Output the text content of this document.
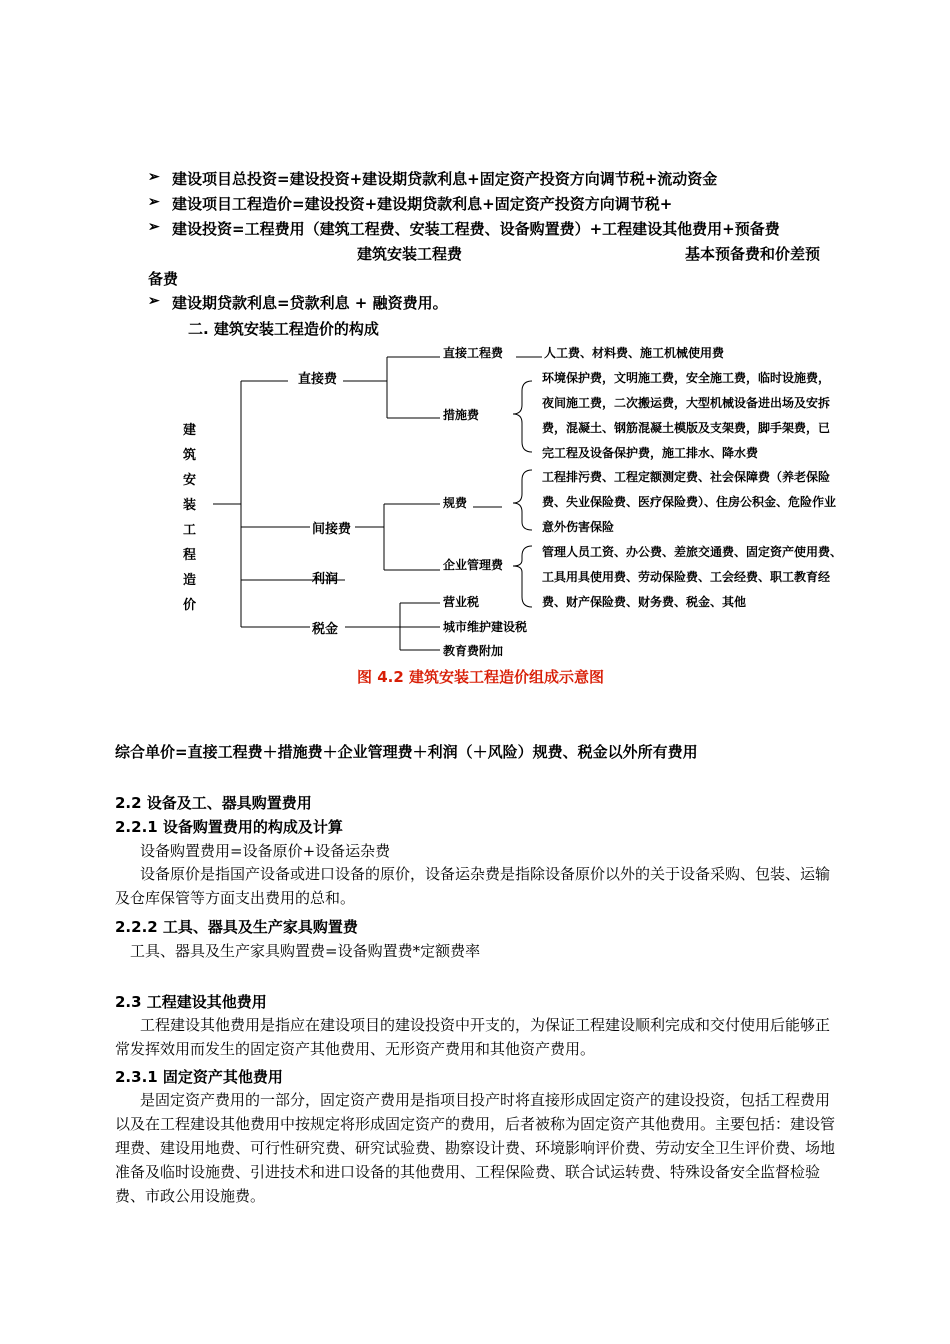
➢ 建设项目总投资=建设投资+建设期贷款利息+固定资产投资方向调节税+流动资金
➢ 建设项目工程造价=建设投资+建设期贷款利息+固定资产投资方向调节税+
➢ 建设投资=工程费用（建筑工程费、安装工程费、设备购置费）+工程建设其他费用+预备费
建筑安装工程费	基本预备费和价差预
备费
➢ 建设期贷款利息=贷款利息 + 融资费用。
二. 建筑安装工程造价的构成
建
筑
安
装
工
程
造
价
直接费
间接费
利润
税金
直接工程费	人工费、材料费、施工机械使用费
措施费
规费
企业管理费
营业税
城市维护建设税
教育费附加
环境保护费，文明施工费，安全施工费，临时设施费，
夜间施工费，二次搬运费，大型机械设备进出场及安拆
费，混凝土、钢筋混凝土模版及支架费，脚手架费，已
完工程及设备保护费，施工排水、降水费
工程排污费、工程定额测定费、社会保障费（养老保险
费、失业保险费、医疗保险费）、住房公积金、危险作业
意外伤害保险
管理人员工资、办公费、差旅交通费、固定资产使用费、
工具用具使用费、劳动保险费、工会经费、职工教育经
费、财产保险费、财务费、税金、其他
图 4.2 建筑安装工程造价组成示意图
综合单价=直接工程费＋措施费＋企业管理费＋利润（＋风险）规费、税金以外所有费用
2.2 设备及工、器具购置费用
2.2.1 设备购置费用的构成及计算
设备购置费用=设备原价+设备运杂费
设备原价是指国产设备或进口设备的原价，设备运杂费是指除设备原价以外的关于设备采购、包装、运输及仓库保管等方面支出费用的总和。
2.2.2 工具、器具及生产家具购置费
工具、器具及生产家具购置费=设备购置费*定额费率
2.3 工程建设其他费用
工程建设其他费用是指应在建设项目的建设投资中开支的，为保证工程建设顺利完成和交付使用后能够正常发挥效用而发生的固定资产其他费用、无形资产费用和其他资产费用。
2.3.1 固定资产其他费用
是固定资产费用的一部分，固定资产费用是指项目投产时将直接形成固定资产的建设投资，包括工程费用以及在工程建设其他费用中按规定将形成固定资产的费用，后者被称为固定资产其他费用。主要包括：建设管理费、建设用地费、可行性研究费、研究试验费、勘察设计费、环境影响评价费、劳动安全卫生评价费、场地准备及临时设施费、引进技术和进口设备的其他费用、工程保险费、联合试运转费、特殊设备安全监督检验费、市政公用设施费。
